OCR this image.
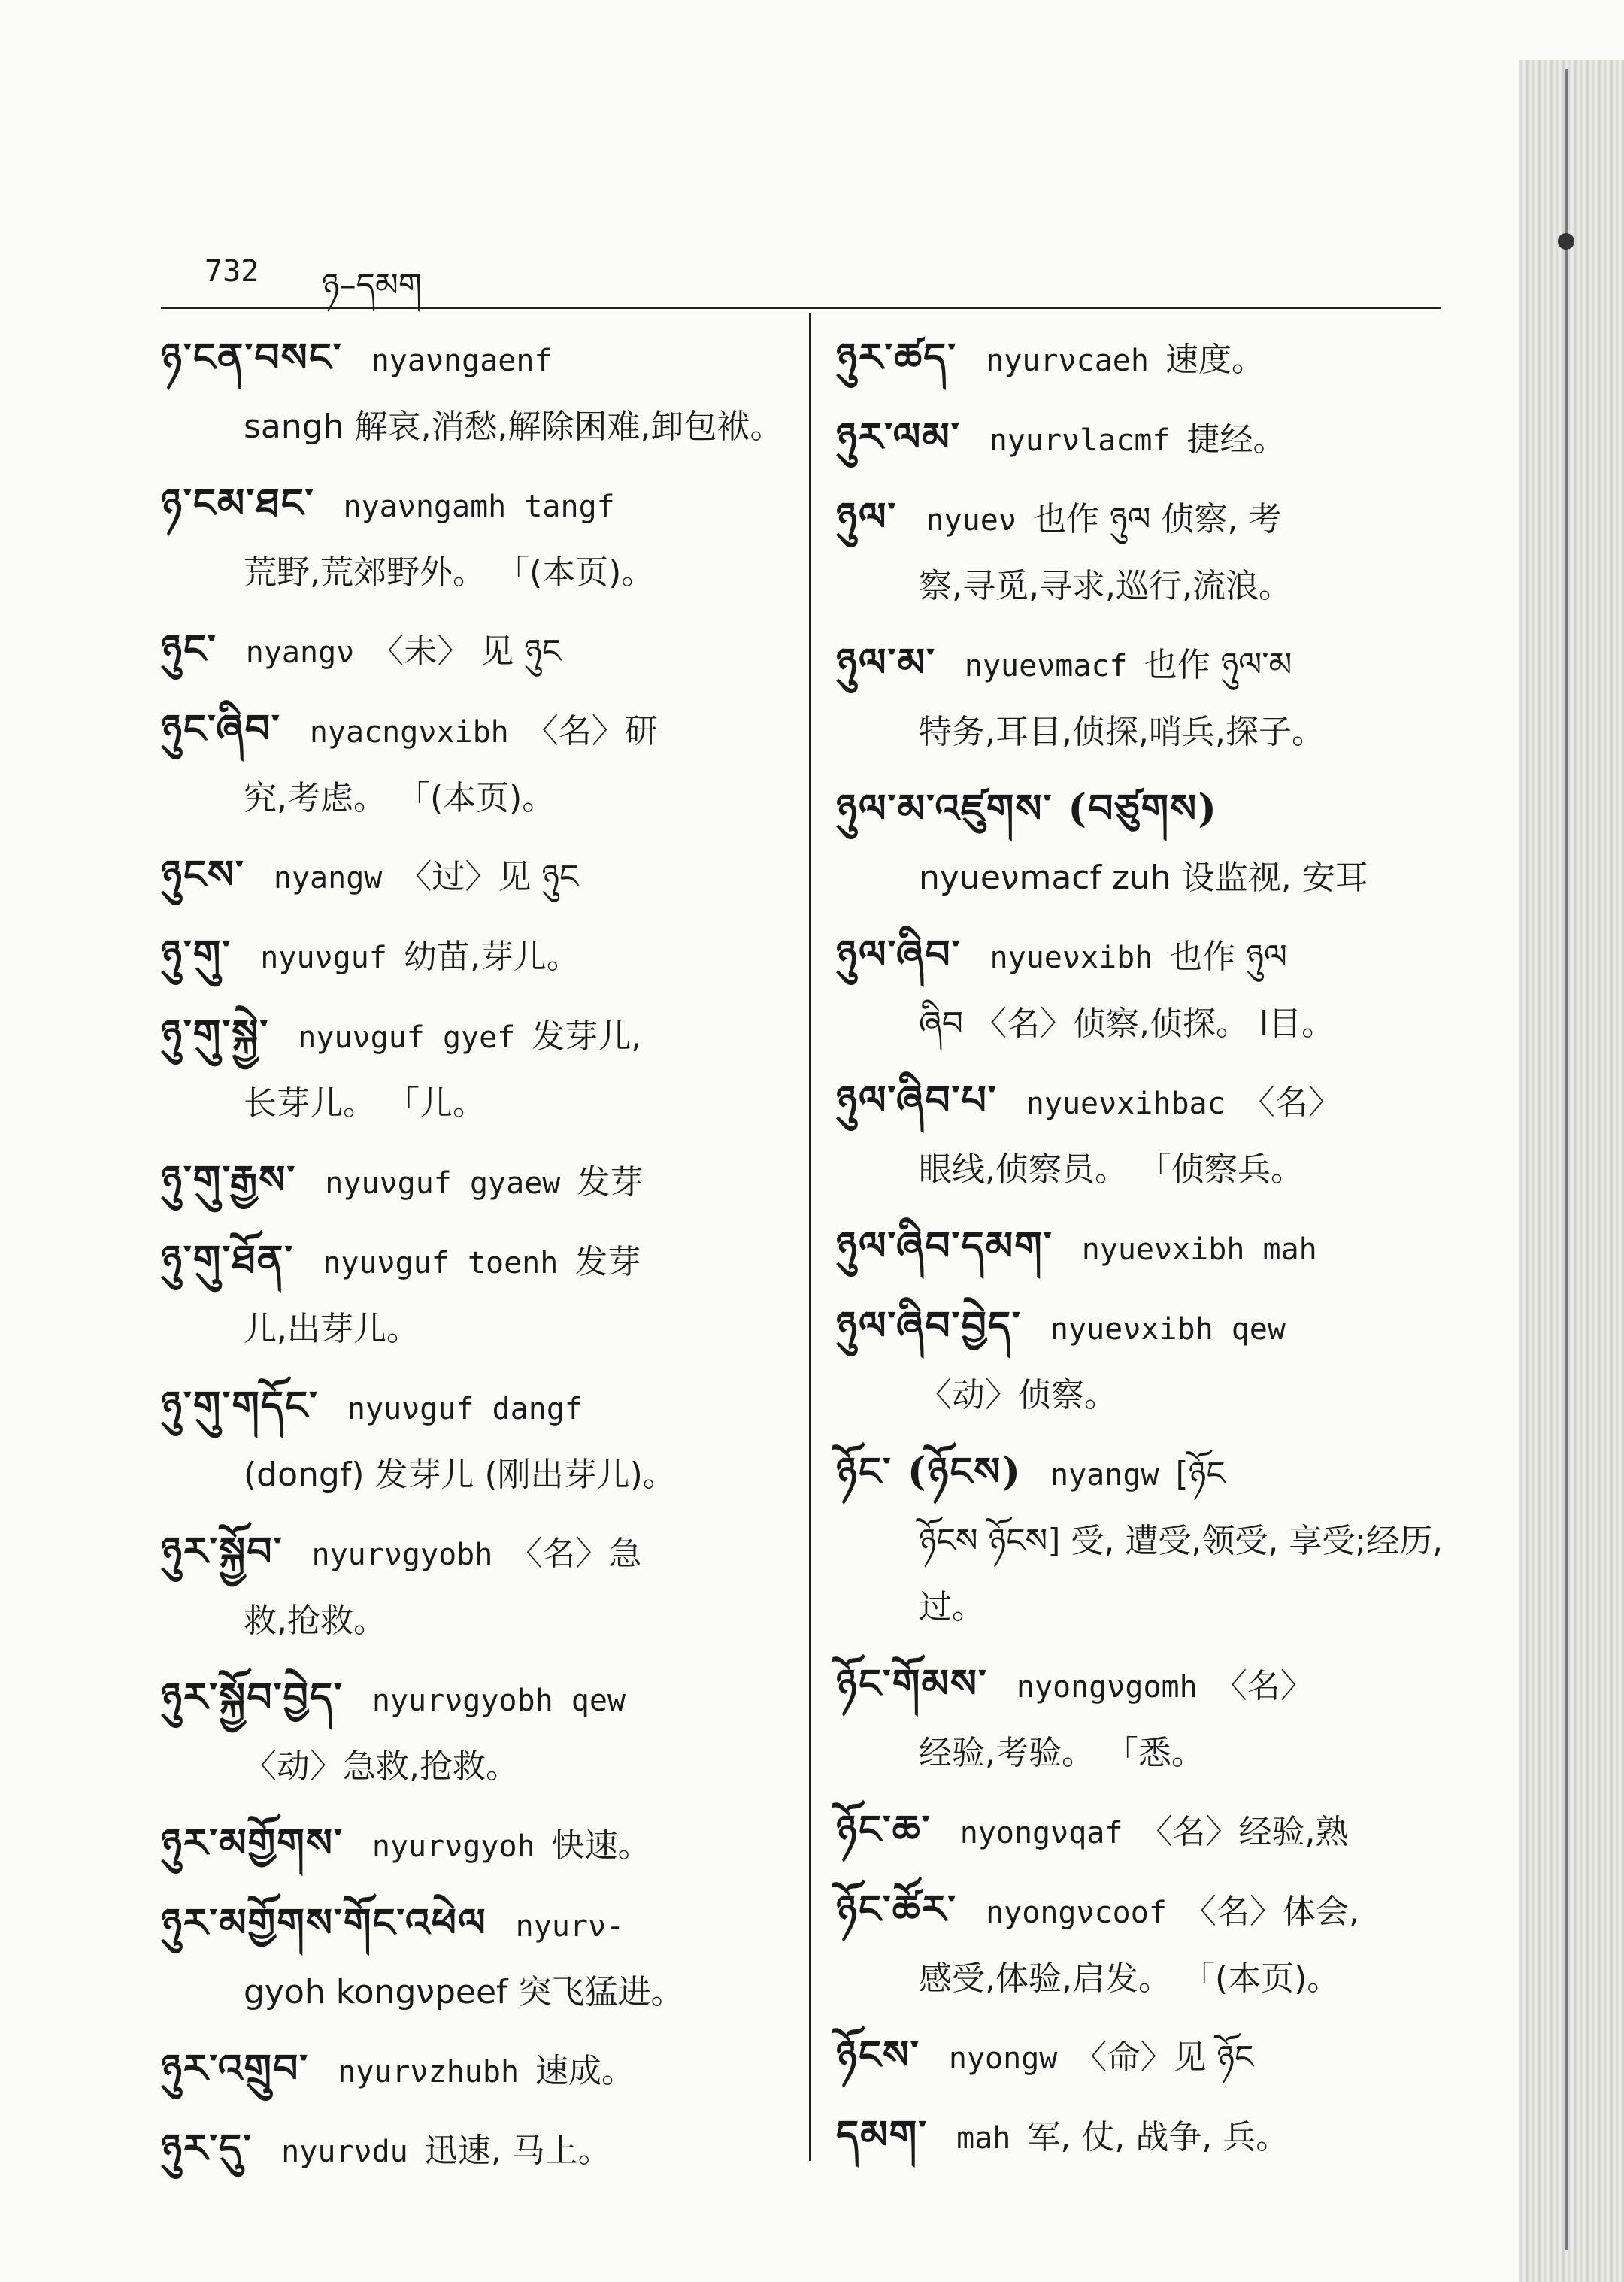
732 ཉ–དམག
ཉ་ངན་བསང་ nyaνngaenf
sangh 解哀,消愁,解除困难,卸包袱。
ཉ་ངམ་ཐང་ nyaνngamh tangf
荒野,荒郊野外。 「(本页)。
ཉུང་ nyangν 〈未〉 见 ཉུང
ཉུང་ཞིབ་ nyacngνxibh 〈名〉研
究,考虑。 「(本页)。
ཉུངས་ nyangw 〈过〉见 ཉུང
ཉུ་གུ་ nyuνguf 幼苗,芽儿。
ཉུ་གུ་སྐྱེ་ nyuνguf gyef 发芽儿,
长芽儿。 「儿。
ཉུ་གུ་རྒྱས་ nyuνguf gyaew 发芽
ཉུ་གུ་ཐོན་ nyuνguf toenh 发芽
儿,出芽儿。
ཉུ་གུ་གདོང་ nyuνguf dangf
(dongf) 发芽儿 (刚出芽儿)。
ཉུར་སྐྱོབ་ nyurνgyobh 〈名〉急
救,抢救。
ཉུར་སྐྱོབ་བྱེད་ nyurνgyobh qew
〈动〉急救,抢救。
ཉུར་མགྱོགས་ nyurνgyoh 快速。
ཉུར་མགྱོགས་གོང་འཕེལ nyurν-
gyoh kongνpeef 突飞猛进。
ཉུར་འགྲུབ་ nyurνzhubh 速成。
ཉུར་དུ་ nyurνdu 迅速, 马上。
ཉུར་ཚད་ nyurνcaeh 速度。
ཉུར་ལམ་ nyurνlacmf 捷经。
ཉུལ་ nyueν 也作 ཉུལ 侦察, 考
察,寻觅,寻求,巡行,流浪。
ཉུལ་མ་ nyueνmacf 也作 ཉུལ་མ
特务,耳目,侦探,哨兵,探子。
ཉུལ་མ་འཛུགས་ (བཙུགས)
nyueνmacf zuh 设监视, 安耳
ཉུལ་ཞིབ་ nyueνxibh 也作 ཉུལ
ཞིབ 〈名〉侦察,侦探。 l目。
ཉུལ་ཞིབ་པ་ nyueνxihbac 〈名〉
眼线,侦察员。 「侦察兵。
ཉུལ་ཞིབ་དམག་ nyueνxibh mah
ཉུལ་ཞིབ་བྱེད་ nyueνxibh qew
〈动〉侦察。
ཉོང་ (ཉོངས) nyangw [ཉོང
ཉོངས ཉོངས] 受, 遭受,领受, 享受;经历, 过。
ཉོང་གོམས་ nyongνgomh 〈名〉
经验,考验。 「悉。
ཉོང་ཆ་ nyongνqaf 〈名〉经验,熟
ཉོང་ཚོར་ nyongνcoof 〈名〉体会,
感受,体验,启发。 「(本页)。
ཉོངས་ nyongw 〈命〉见 ཉོང
དམག་ mah 军, 仗, 战争, 兵。
